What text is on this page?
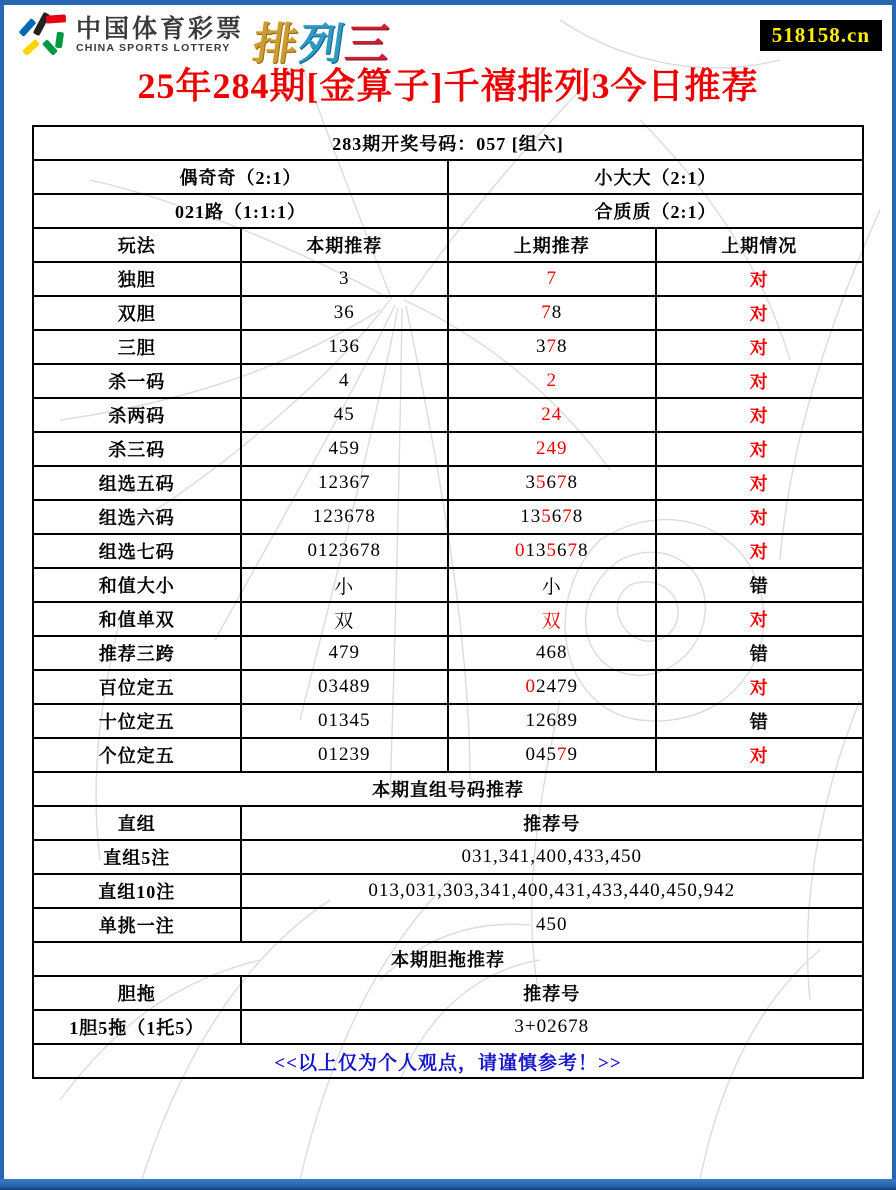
中国体育彩票
CHINA SPORTS LOTTERY 排列三	518158.cn
25年284期[金算子]千禧排列3今日推荐
283期开奖号码：057 [组六]			
偶奇奇（2:1）		小大大（2:1）	
021路（1:1:1）		合质质（2:1）	
玩法	本期推荐	上期推荐	上期情况
独胆	3	7	对
双胆	36	78	对
三胆	136	378	对
杀一码	4	2	对
杀两码	45	24	对
杀三码	459	249	对
组选五码	12367	35678	对
组选六码	123678	135678	对
组选七码	0123678	0135678	对
和值大小	小	小	错
和值单双	双	双	对
推荐三跨	479	468	错
百位定五	03489	02479	对
十位定五	01345	12689	错
个位定五	01239	04579	对
本期直组号码推荐			
直组	推荐号		
直组5注	031,341,400,433,450		
直组10注	013,031,303,341,400,431,433,440,450,942		
单挑一注	450		
本期胆拖推荐			
胆拖	推荐号		
1胆5拖（1托5）	3+02678		
<<以上仅为个人观点，请谨慎参考！>>			
